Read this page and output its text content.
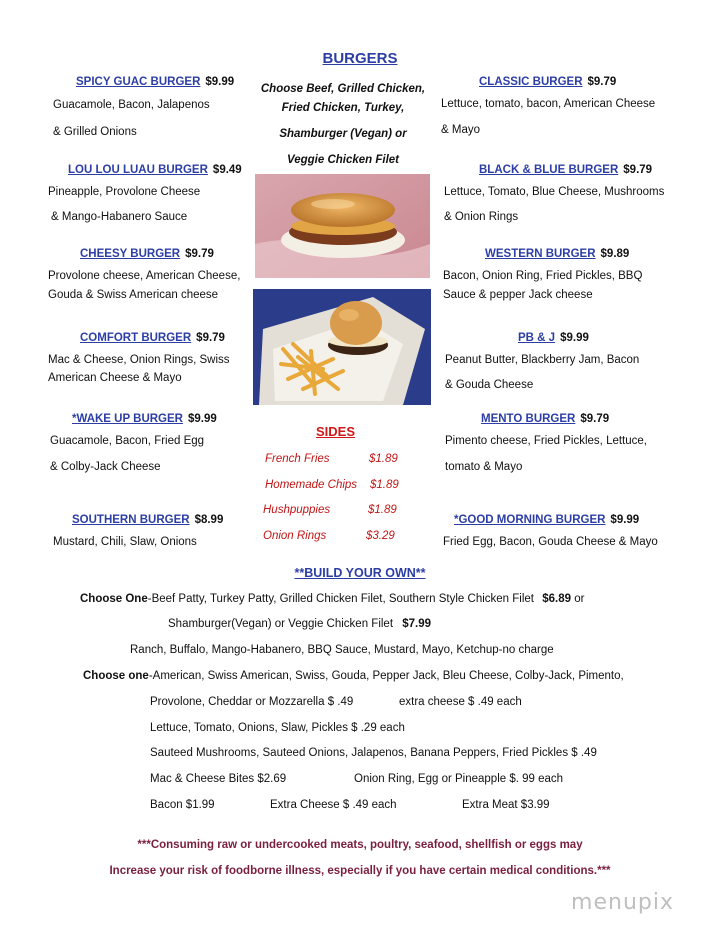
BURGERS
Choose Beef, Grilled Chicken,
Fried Chicken, Turkey,
Shamburger (Vegan) or
Veggie Chicken Filet
SPICY GUAC BURGER $9.99
Guacamole, Bacon, Jalapenos
& Grilled Onions
LOU LOU LUAU BURGER $9.49
Pineapple, Provolone Cheese
& Mango-Habanero Sauce
CHEESY BURGER $9.79
Provolone cheese, American Cheese,
Gouda & Swiss American cheese
COMFORT BURGER $9.79
Mac & Cheese, Onion Rings, Swiss
American Cheese & Mayo
*WAKE UP BURGER $9.99
Guacamole, Bacon, Fried Egg
& Colby-Jack Cheese
SOUTHERN BURGER $8.99
Mustard, Chili, Slaw, Onions
CLASSIC BURGER $9.79
Lettuce, tomato, bacon, American Cheese
& Mayo
BLACK & BLUE BURGER $9.79
Lettuce, Tomato, Blue Cheese, Mushrooms
& Onion Rings
WESTERN BURGER $9.89
Bacon, Onion Ring, Fried Pickles, BBQ
Sauce & pepper Jack cheese
PB & J $9.99
Peanut Butter, Blackberry Jam, Bacon
& Gouda Cheese
MENTO BURGER $9.79
Pimento cheese, Fried Pickles, Lettuce,
tomato & Mayo
*GOOD MORNING BURGER $9.99
Fried Egg, Bacon, Gouda Cheese & Mayo
SIDES
French Fries	$1.89
Homemade Chips $1.89
Hushpuppies	$1.89
Onion Rings	$3.29
**BUILD YOUR OWN**
Choose One-Beef Patty, Turkey Patty, Grilled Chicken Filet, Southern Style Chicken Filet $6.89 or
Shamburger(Vegan) or Veggie Chicken Filet $7.99
Ranch, Buffalo, Mango-Habanero, BBQ Sauce, Mustard, Mayo, Ketchup-no charge
Choose one-American, Swiss American, Swiss, Gouda, Pepper Jack, Bleu Cheese, Colby-Jack, Pimento,
Provolone, Cheddar or Mozzarella $ .49	extra cheese $ .49 each
Lettuce, Tomato, Onions, Slaw, Pickles $ .29 each
Sauteed Mushrooms, Sauteed Onions, Jalapenos, Banana Peppers, Fried Pickles $ .49
Mac & Cheese Bites $2.69	Onion Ring, Egg or Pineapple $. 99 each
Bacon $1.99	Extra Cheese $ .49 each	Extra Meat $3.99
***Consuming raw or undercooked meats, poultry, seafood, shellfish or eggs may
Increase your risk of foodborne illness, especially if you have certain medical conditions.***
menupix
